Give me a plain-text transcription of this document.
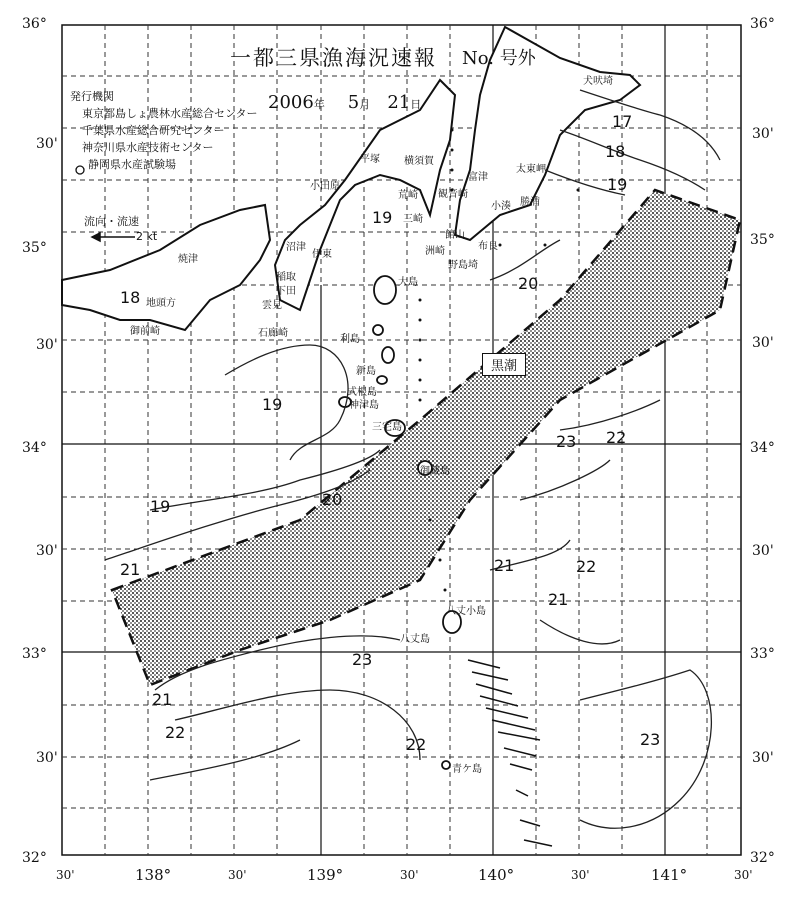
一都三県漁海況速報 No. 号外
2006年 5月 21日
発行機関
東京都島しょ農林水産総合センター
千葉県水産総合研究センター
神奈川県水産技術センター
静岡県水産試験場
流向・流速
2 kt
黒潮
36°
30'
35°
30'
34°
30'
33°
30'
32°
36°
30'
35°
30'
34°
30'
33°
30'
32°
30'	138°	30'	139°	30'	140°	30'	141°	30'
17
18
19
20
18
19
19
20
19
21
22
23
22
21
22
21
21
23
22	23
犬吠埼
太東岬
勝浦
小湊
富津
観音崎
横須賀
平塚
小田原
荒崎
三崎
館山
布良
野島埼
洲崎
沼津
伊東
稲取
下田
雲見
石廊崎
御前崎
地頭方
焼津
大島
利島
新島
式根島
神津島
三宅島
御蔵島
八丈島
青ケ島
八丈小島
